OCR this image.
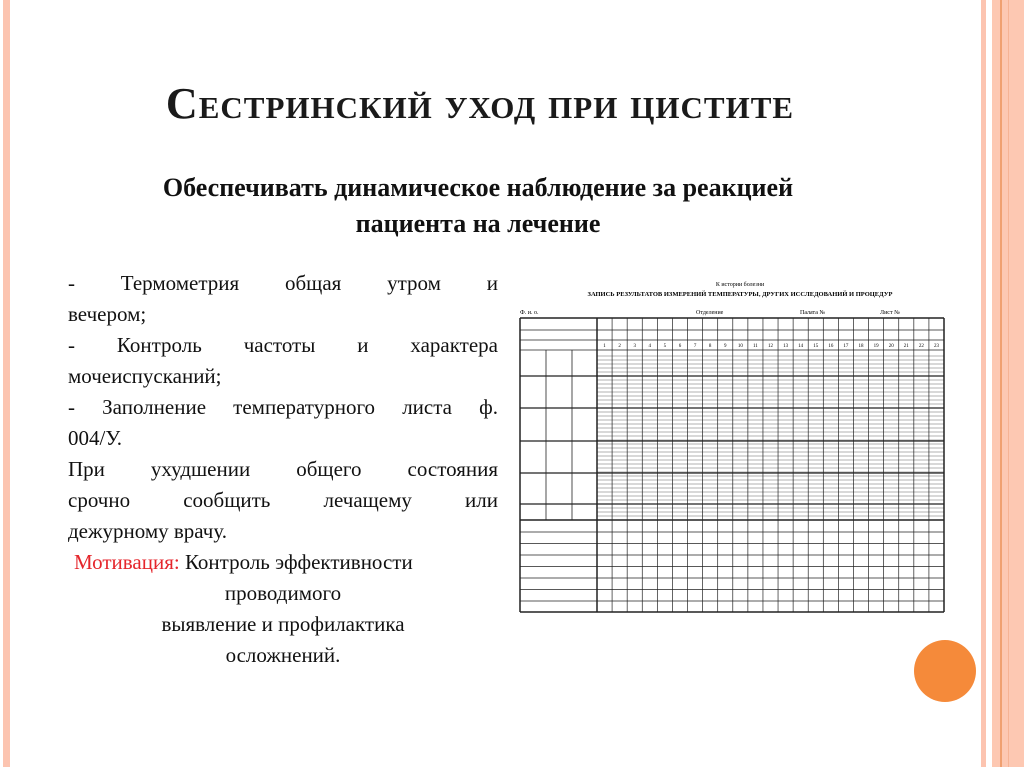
Сестринский уход при цистите
Обеспечивать динамическое наблюдение за реакцией
пациента на лечение
- Термометрия общая утром и
вечером;
- Контроль частоты и характера
мочеиспусканий;
- Заполнение температурного листа ф.
004/У.
При ухудшении общего состояния
срочно сообщить лечащему или
дежурному врачу.
Мотивация: Контроль эффективности
проводимого
выявление и профилактика
осложнений.
К истории болезни
ЗАПИСЬ РЕЗУЛЬТАТОВ ИЗМЕРЕНИЙ ТЕМПЕРАТУРЫ, ДРУГИХ ИССЛЕДОВАНИЙ И ПРОЦЕДУР
Ф. и. о.	Отделение	Палата №	Лист №
1	2	3	4	5	6	7	8	9 10 11 12 13 14 15 16 17 18 19 20 21 22 23
